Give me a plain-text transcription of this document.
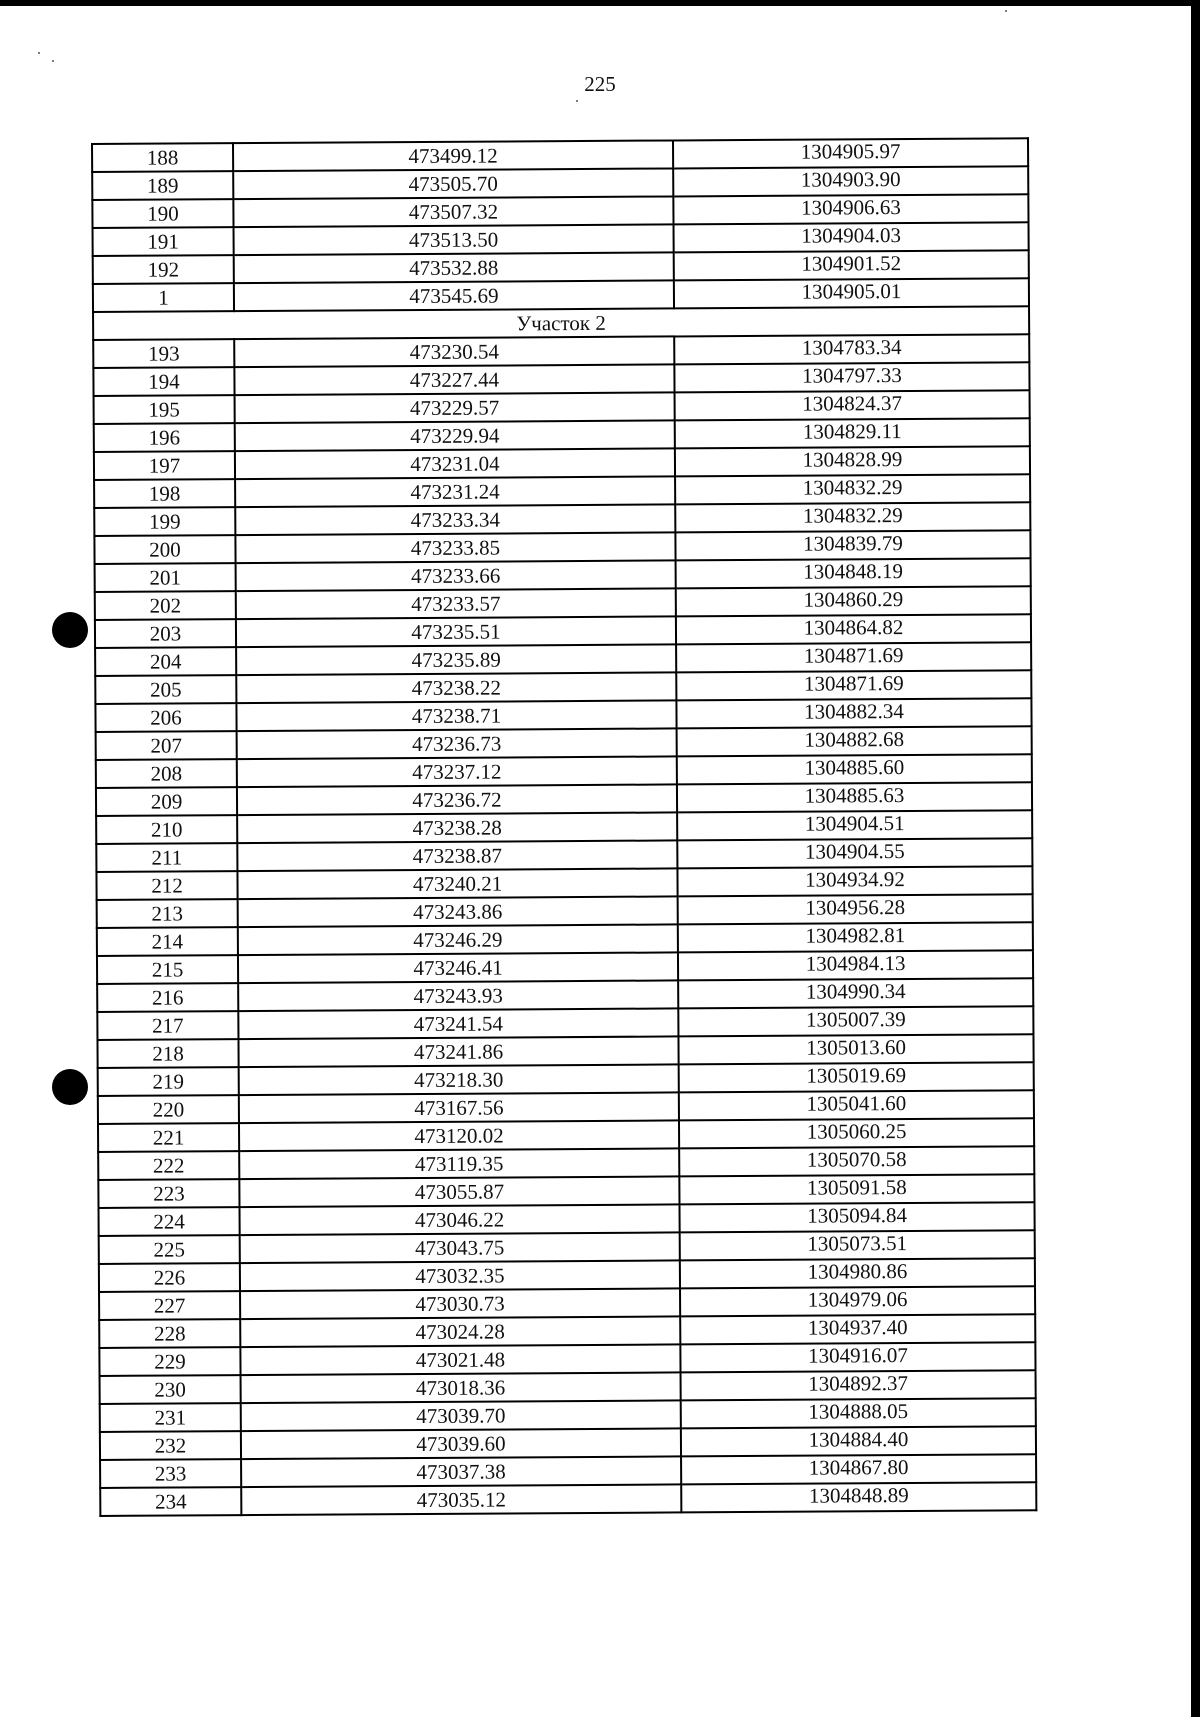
225
188	473499.12	1304905.97
189	473505.70	1304903.90
190	473507.32	1304906.63
191	473513.50	1304904.03
192	473532.88	1304901.52
1	473545.69	1304905.01
Участок 2		
193	473230.54	1304783.34
194	473227.44	1304797.33
195	473229.57	1304824.37
196	473229.94	1304829.11
197	473231.04	1304828.99
198	473231.24	1304832.29
199	473233.34	1304832.29
200	473233.85	1304839.79
201	473233.66	1304848.19
202	473233.57	1304860.29
203	473235.51	1304864.82
204	473235.89	1304871.69
205	473238.22	1304871.69
206	473238.71	1304882.34
207	473236.73	1304882.68
208	473237.12	1304885.60
209	473236.72	1304885.63
210	473238.28	1304904.51
211	473238.87	1304904.55
212	473240.21	1304934.92
213	473243.86	1304956.28
214	473246.29	1304982.81
215	473246.41	1304984.13
216	473243.93	1304990.34
217	473241.54	1305007.39
218	473241.86	1305013.60
219	473218.30	1305019.69
220	473167.56	1305041.60
221	473120.02	1305060.25
222	473119.35	1305070.58
223	473055.87	1305091.58
224	473046.22	1305094.84
225	473043.75	1305073.51
226	473032.35	1304980.86
227	473030.73	1304979.06
228	473024.28	1304937.40
229	473021.48	1304916.07
230	473018.36	1304892.37
231	473039.70	1304888.05
232	473039.60	1304884.40
233	473037.38	1304867.80
234	473035.12	1304848.89
